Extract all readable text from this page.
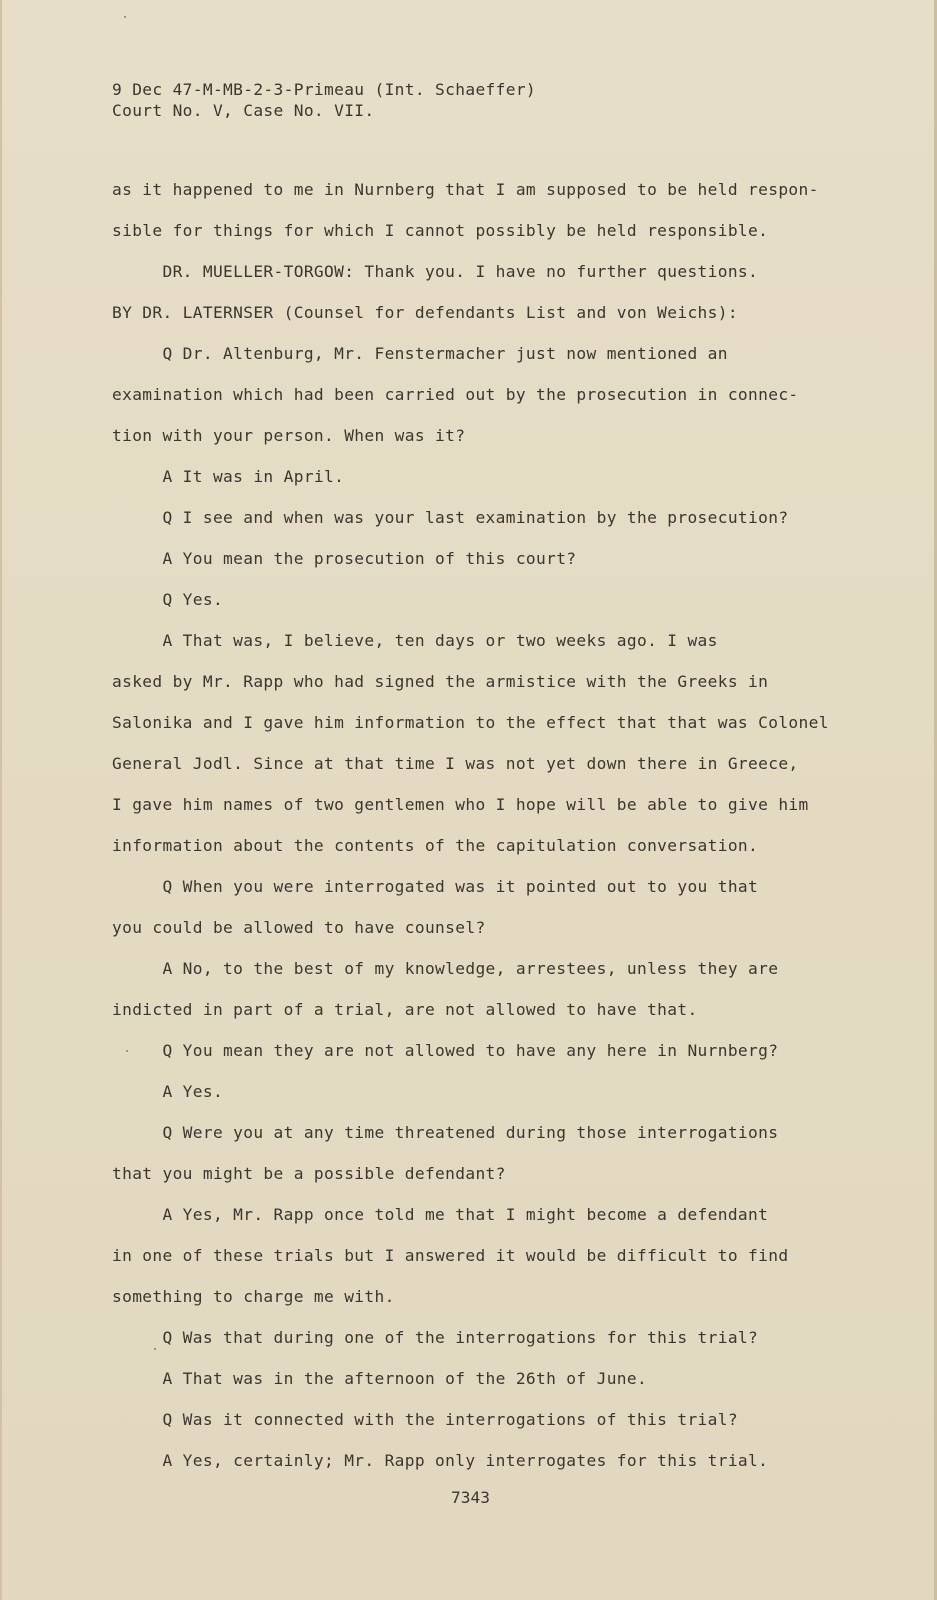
9 Dec 47-M-MB-2-3-Primeau (Int. Schaeffer)
Court No. V, Case No. VII.
as it happened to me in Nurnberg that I am supposed to be held respon-
sible for things for which I cannot possibly be held responsible.
DR. MUELLER-TORGOW: Thank you. I have no further questions.
BY DR. LATERNSER (Counsel for defendants List and von Weichs):
Q Dr. Altenburg, Mr. Fenstermacher just now mentioned an
examination which had been carried out by the prosecution in connec-
tion with your person. When was it?
A It was in April.
Q I see and when was your last examination by the prosecution?
A You mean the prosecution of this court?
Q Yes.
A That was, I believe, ten days or two weeks ago. I was
asked by Mr. Rapp who had signed the armistice with the Greeks in
Salonika and I gave him information to the effect that that was Colonel
General Jodl. Since at that time I was not yet down there in Greece,
I gave him names of two gentlemen who I hope will be able to give him
information about the contents of the capitulation conversation.
Q When you were interrogated was it pointed out to you that
you could be allowed to have counsel?
A No, to the best of my knowledge, arrestees, unless they are
indicted in part of a trial, are not allowed to have that.
Q You mean they are not allowed to have any here in Nurnberg?
A Yes.
Q Were you at any time threatened during those interrogations
that you might be a possible defendant?
A Yes, Mr. Rapp once told me that I might become a defendant
in one of these trials but I answered it would be difficult to find
something to charge me with.
Q Was that during one of the interrogations for this trial?
A That was in the afternoon of the 26th of June.
Q Was it connected with the interrogations of this trial?
A Yes, certainly; Mr. Rapp only interrogates for this trial.
7343
